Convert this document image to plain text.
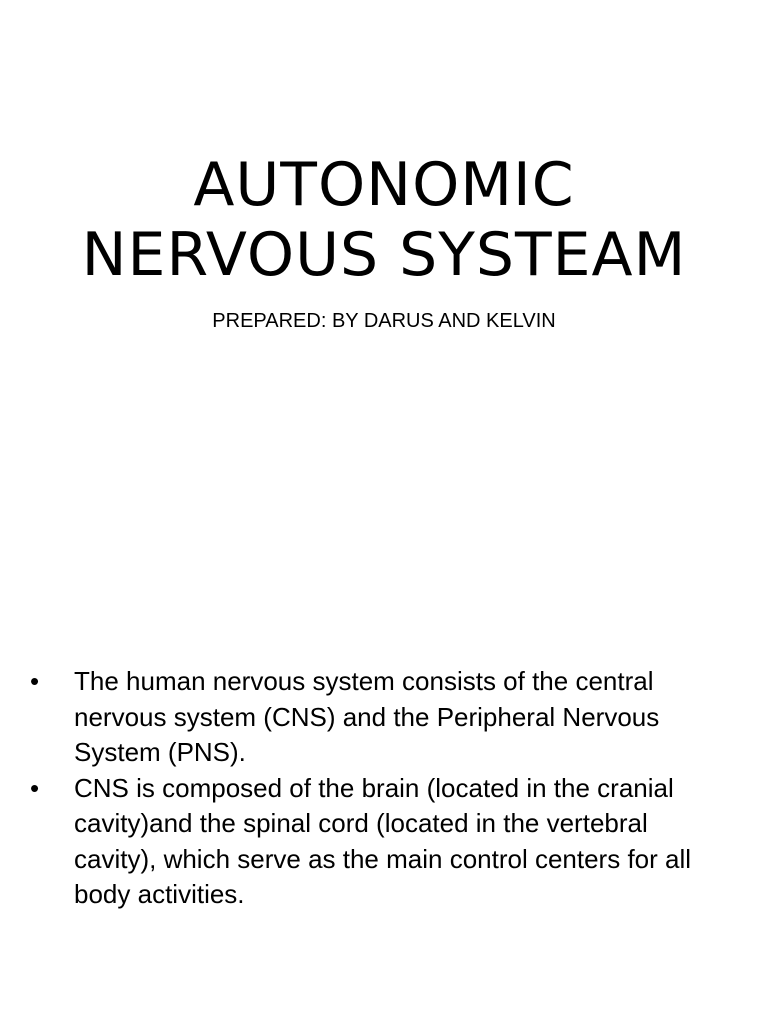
AUTONOMIC
NERVOUS SYSTEAM

PREPARED: BY DARUS AND KELVIN

•	The human nervous system consists of the central nervous system (CNS) and the Peripheral Nervous System (PNS).
•	CNS is composed of the brain (located in the cranial cavity)and the spinal cord (located in the vertebral cavity), which serve as the main control centers for all body activities.
